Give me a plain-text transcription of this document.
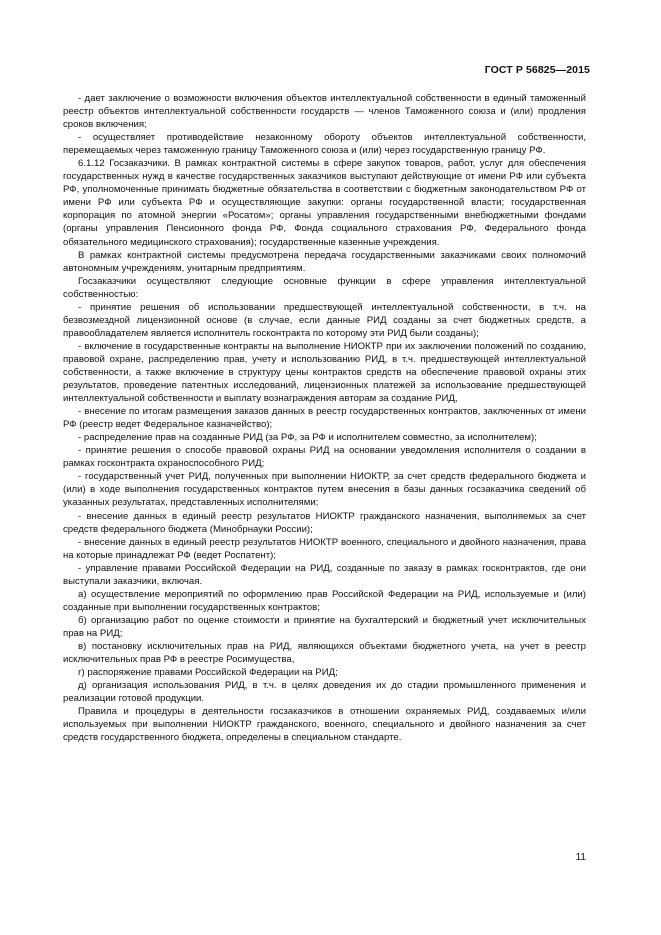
ГОСТ Р 56825—2015

- дает заключение о возможности включения объектов интеллектуальной собственности в единый таможенный реестр объектов интеллектуальной собственности государств — членов Таможенного союза и (или) продления сроков включения;

- осуществляет противодействие незаконному обороту объектов интеллектуальной собственности, перемещаемых через таможенную границу Таможенного союза и (или) через государственную границу РФ.

6.1.12 Госзаказчики. В рамках контрактной системы в сфере закупок товаров, работ, услуг для обеспечения государственных нужд в качестве государственных заказчиков выступают действующие от имени РФ или субъекта РФ, уполномоченные принимать бюджетные обязательства в соответствии с бюджетным законодательством РФ от имени РФ или субъекта РФ и осуществляющие закупки: органы государственной власти; государственная корпорация по атомной энергии «Росатом»; органы управления государственными внебюджетными фондами (органы управления Пенсионного фонда РФ, Фонда социального страхования РФ, Федерального фонда обязательного медицинского страхования); государственные казенные учреждения.

В рамках контрактной системы предусмотрена передача государственными заказчиками своих полномочий автономным учреждениям, унитарным предприятиям.

Госзаказчики осуществляют следующие основные функции в сфере управления интеллектуальной собственностью:

- принятие решения об использовании предшествующей интеллектуальной собственности, в т.ч. на безвозмездной лицензионной основе (в случае, если данные РИД созданы за счет бюджетных средств, а правообладателем является исполнитель госконтракта по которому эти РИД были созданы);

- включение в государственные контракты на выполнение НИОКТР при их заключении положений по созданию, правовой охране, распределению прав, учету и использованию РИД, в т.ч. предшествующей интеллектуальной собственности, а также включение в структуру цены контрактов средств на обеспечение правовой охраны этих результатов, проведение патентных исследований, лицензионных платежей за использование предшествующей интеллектуальной собственности и выплату вознаграждения авторам за создание РИД,

- внесение по итогам размещения заказов данных в реестр государственных контрактов, заключенных от имени РФ (реестр ведет Федеральное казначейство);

- распределение прав на созданные РИД (за РФ, за РФ и исполнителем совместно, за исполнителем);

- принятие решения о способе правовой охраны РИД на основании уведомления исполнителя о создании в рамках госконтракта охраноспособного РИД;

- государственный учет РИД, полученных при выполнении НИОКТР, за счет средств федерального бюджета и (или) в ходе выполнения государственных контрактов путем внесения в базы данных госзаказчика сведений об указанных результатах, представленных исполнителями;

- внесение данных в единый реестр результатов НИОКТР гражданского назначения, выполняемых за счет средств федерального бюджета (Минобрнауки России);

- внесение данных в единый реестр результатов НИОКТР военного, специального и двойного назначения, права на которые принадлежат РФ (ведет Роспатент);

- управление правами Российской Федерации на РИД, созданные по заказу в рамках госконтрактов, где они выступали заказчики, включая.

а) осуществление мероприятий по оформлению прав Российской Федерации на РИД, используемые и (или) созданные при выполнении государственных контрактов;

б) организацию работ по оценке стоимости и принятие на бухгалтерский и бюджетный учет исключительных прав на РИД;

в) постановку исключительных прав на РИД, являющихся объектами бюджетного учета, на учет в реестр исключительных прав РФ в реестре Росимущества,

г) распоряжение правами Российской Федерации на РИД;

д) организация использования РИД, в т.ч. в целях доведения их до стадии промышленного применения и реализации готовой продукции.

Правила и процедуры в деятельности госзаказчиков в отношении охраняемых РИД, создаваемых и/или используемых при выполнении НИОКТР гражданского, военного, специального и двойного назначения за счет средств государственного бюджета, определены в специальном стандарте.

11
